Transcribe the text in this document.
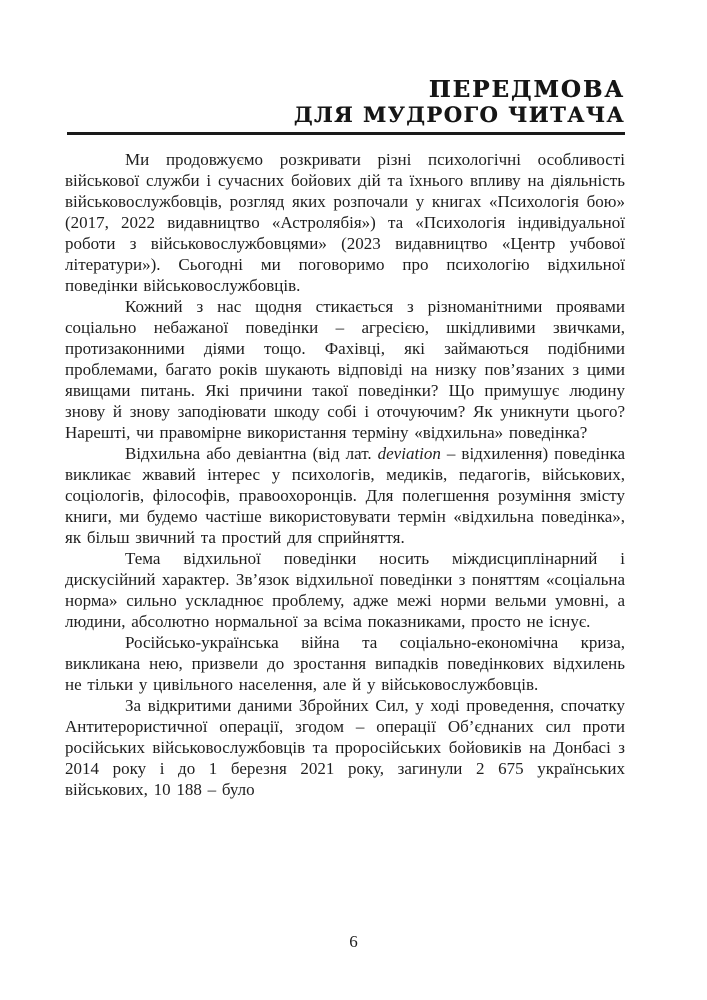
ПЕРЕДМОВА
ДЛЯ МУДРОГО ЧИТАЧА

Ми продовжуємо розкривати різні психологічні особливості військової служби і сучасних бойових дій та їхнього впливу на діяльність військовослужбовців, розгляд яких розпочали у книгах «Психологія бою» (2017, 2022 видавництво «Астролябія») та «Психологія індивідуальної роботи з військовослужбовцями» (2023 видавництво «Центр учбової літератури»). Сьогодні ми поговоримо про психологію відхильної поведінки військовослужбовців.

Кожний з нас щодня стикається з різноманітними проявами соціально небажаної поведінки – агресією, шкідливими звичками, протизаконними діями тощо. Фахівці, які займаються подібними проблемами, багато років шукають відповіді на низку пов’язаних з цими явищами питань. Які причини такої поведінки? Що примушує людину знову й знову заподіювати шкоду собі і оточуючим? Як уникнути цього? Нарешті, чи правомірне використання терміну «відхильна» поведінка?

Відхильна або девіантна (від лат. deviation – відхилення) поведінка викликає жвавий інтерес у психологів, медиків, педагогів, військових, соціологів, філософів, правоохоронців. Для полегшення розуміння змісту книги, ми будемо частіше використовувати термін «відхильна поведінка», як більш звичний та простий для сприйняття.

Тема відхильної поведінки носить міждисциплінарний і дискусійний характер. Зв’язок відхильної поведінки з поняттям «соціальна норма» сильно ускладнює проблему, адже межі норми вельми умовні, а людини, абсолютно нормальної за всіма показниками, просто не існує.

Російсько-українська війна та соціально-економічна криза, викликана нею, призвели до зростання випадків поведінкових відхилень не тільки у цивільного населення, але й у військовослужбовців.

За відкритими даними Збройних Сил, у ході проведення, спочатку Антитерористичної операції, згодом – операції Об’єднаних сил проти російських військовослужбовців та проросійських бойовиків на Донбасі з 2014 року і до 1 березня 2021 року, загинули 2 675 українських військових, 10 188 – було

6
